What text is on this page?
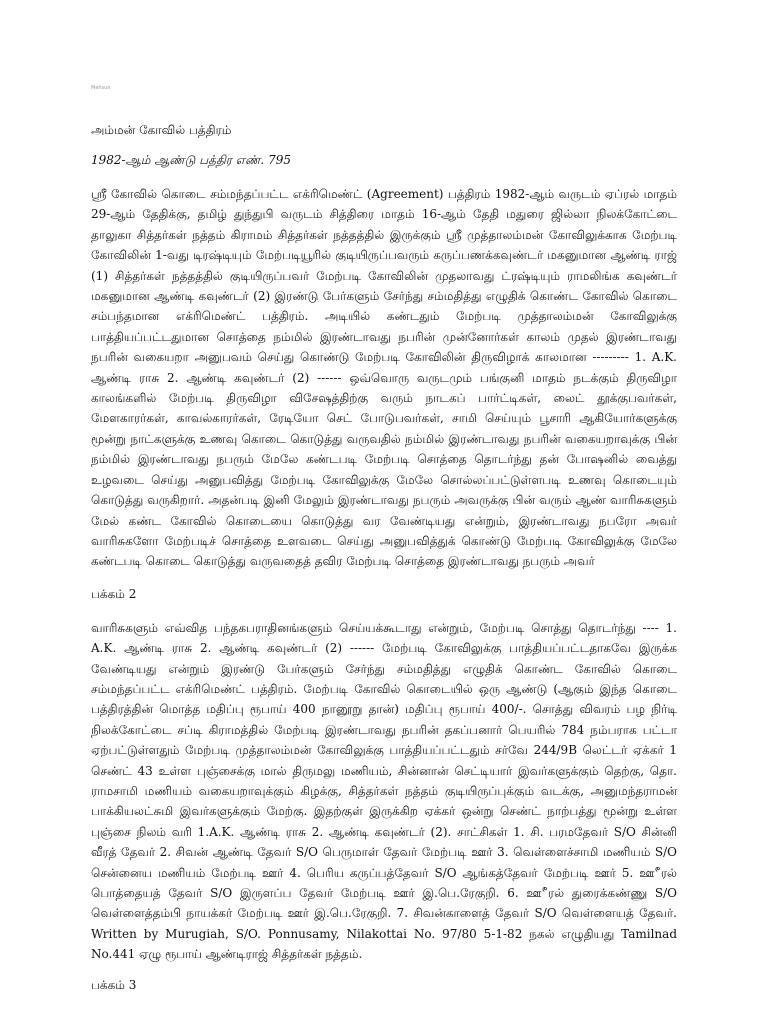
Mehsun
அம்மன் கோவில் பத்திரம்

1982-ஆம் ஆண்டு பத்திர எண். 795

ஸ்ரீ கோவில் கொடை சம்மந்தப்பட்ட எக்ரிமெண்ட் (Agreement) பத்திரம் 1982-ஆம் வருடம் ஏப்ரல் மாதம் 29-ஆம் தேதிக்கு, தமிழ் துந்துபி வருடம் சித்திரை மாதம் 16-ஆம் தேதி மதுரை ஜில்லா நிலக்கோட்டை தாலுகா சித்தர்கள் நத்தம் கிராமம் சித்தர்கள் நத்தத்தில் இருக்கும் ஸ்ரீ முத்தாலம்மன் கோவிலுக்காக மேற்படி கோவிலின் 1-வது டிரஷ்டியும் மேற்படியூரில் குடியிருப்பவரும் கருப்பணக்கவுண்டர் மகனுமான ஆண்டி ராஜ் (1) சித்தர்கள் நத்தத்தில் குடியிருப்பவர் மேற்படி கோவிலின் முதலாவது ட்ரஷ்டியும் ராமலிங்க கவுண்டர் மகனுமான ஆண்டி கவுண்டர் (2) இரண்டு பேர்களும் சேர்ந்து சம்மதித்து எழுதிக் கொண்ட கோவில் கொடை சம்பந்தமான எக்ரிமெண்ட் பத்திரம். அடியில் கண்டதும் மேற்படி முத்தாலம்மன் கோவிலுக்கு பாத்தியப்பட்டதுமான சொத்தை நம்மில் இரண்டாவது நபரின் முன்னோர்கள் காலம் முதல் இரண்டாவது நபரின் வகையறா அனுபவம் செய்து கொண்டு மேற்படி கோவிலின் திருவிழாக் காலமான --------- 1. A.K. ஆண்டி ராசு 2. ஆண்டி கவுண்டர் (2) ------ ஒவ்வொரு வருடமும் பங்குனி மாதம் நடக்கும் திருவிழா காலங்களில் மேற்படி திருவிழா விசேஷத்திற்கு வரும் நாடகப் பார்ட்டிகள், லைட் தூக்குபவர்கள், மேளகாரர்கள், காவல்காரர்கள், ரேடியோ செட் போடுபவர்கள், சாமி செய்யும் பூசாரி ஆகியோர்களுக்கு மூன்று நாட்களுக்கு உணவு கொடை கொடுத்து வருவதில் நம்மில் இரண்டாவது நபரின் வகையறாவுக்கு பின் நம்மில் இரண்டாவது நபரும் மேலே கண்டபடி மேற்படி சொத்தை தொடர்ந்து தன் போஷனில் வைத்து உழவடை செய்து அனுபவித்து மேற்படி கோவிலுக்கு மேலே சொல்லப்பட்டுள்ளபடி உணவு கொடையும் கொடுத்து வருகிறார். அதன்படி இனி மேலும் இரண்டாவது நபரும் அவருக்கு பின் வரும் ஆண் வாரிசுகளும் மேல் கண்ட கோவில் கொடையை கொடுத்து வர வேண்டியது என்றும், இரண்டாவது நபரோ அவர் வாரிசுகளோ மேற்படிச் சொத்தை உளவடை செய்து அனுபவித்துக் கொண்டு மேற்படி கோவிலுக்கு மேலே கண்டபடி கொடை கொடுத்து வருவதைத் தவிர மேற்படி சொத்தை இரண்டாவது நபரும் அவர்

பக்கம் 2

வாரிசுகளும் எவ்வித பந்தகபராதினங்களும் செய்யக்கூடாது என்றும், மேற்படி சொத்து தொடர்ந்து ---- 1. A.K. ஆண்டி ராசு 2. ஆண்டி கவுண்டர் (2) ------ மேற்படி கோவிலுக்கு பாத்தியப்பட்டதாகவே இருக்க வேண்டியது என்றும் இரண்டு பேர்களும் சேர்ந்து சம்மதித்து எழுதிக் கொண்ட கோவில் கொடை சம்மந்தப்பட்ட எக்ரிமெண்ட் பத்திரம். மேற்படி கோவில் கொடையில் ஒரு ஆண்டு (ஆகும் இந்த கொடை பத்திரத்தின் மொத்த மதிப்பு ரூபாய் 400 நானூறு தான்) மதிப்பு ரூபாய் 400/-. சொத்து விவரம் பழ நிர்டி நிலக்கோட்டை சப்டி கிராமத்தில் மேற்படி இரண்டாவது நபரின் தகப்பனார் பெயரில் 784 நம்பராக பட்டா ஏற்பட்டுள்ளதும் மேற்படி முத்தாலம்மன் கோவிலுக்கு பாத்தியப்பட்டதும் சர்வே 244/9B லெட்டர் ஏக்கர் 1 செண்ட் 43 உள்ள புஞ்சைக்கு மால் திருமலு மணியம், சின்னான் செட்டியார் இவர்களுக்கும் தெற்கு, தொ. ராமசாமி மணியம் வகையறாவுக்கும் கிழக்கு, சித்தர்கள் நத்தம் குடியிருப்புக்கும் வடக்கு, அனுமந்தராமன் பாக்கியலட்சுமி இவர்களுக்கும் மேற்கு. இதற்குள் இருக்கிற ஏக்கர் ஒன்று செண்ட் நாற்பத்து மூன்று உள்ள புஞ்சை நிலம் வரி 1.A.K. ஆண்டி ராசு 2. ஆண்டி கவுண்டர் (2). சாட்சிகள் 1. சி. பரமதேவர் S/O சின்னி வீரத் தேவர் 2. சிவன் ஆண்டி தேவர் S/O பெருமாள் தேவர் மேற்படி ஊர் 3. வெள்ளைச்சாமி மணியம் S/O சென்னைய மணியம் மேற்படி ஊர் 4. பெரிய கருப்பத்தேவர் S/O ஆங்கத்தேவர் மேற்படி ஊர் 5. ஊீரல் பொத்தையத் தேவர் S/O இருளப்ப தேவர் மேற்படி ஊர் இ.பெ.ரேகுறி. 6. ஊீரல் துரைக்கண்ணு S/O வெள்ளைத்தம்பி நாயக்கர் மேற்படி ஊர் இ.பெ.ரேகுறி. 7. சிவன்காளைத் தேவர் S/O வெள்ளையத் தேவர். Written by Murugiah, S/O. Ponnusamy, Nilakottai No. 97/80 5-1-82 நகல் எழுதியது Tamilnad No.441 ஏழு ரூபாய் ஆண்டிராஜ் சித்தர்கள் நத்தம்.

பக்கம் 3
